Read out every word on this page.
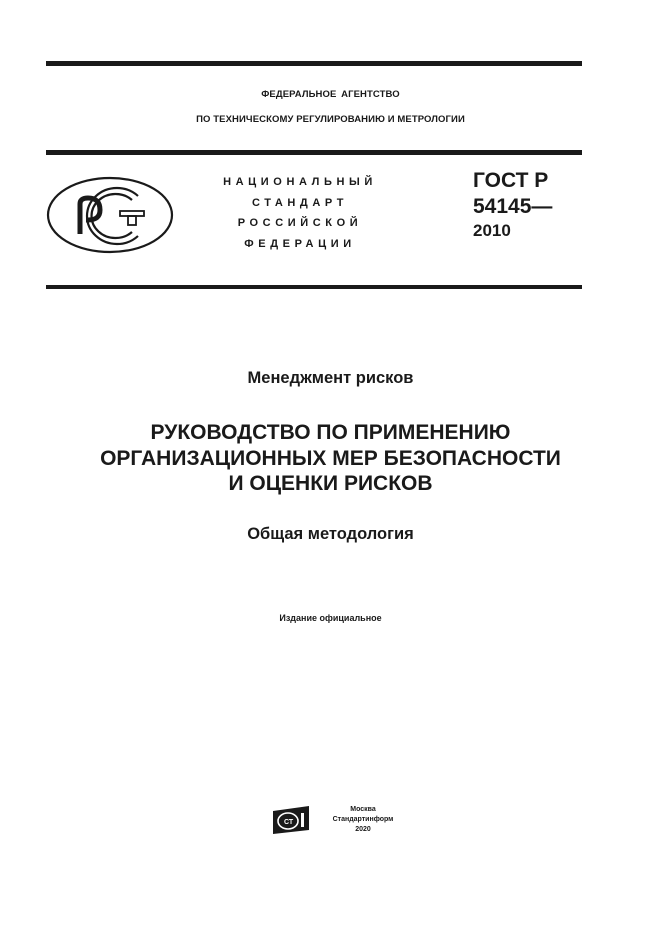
ФЕДЕРАЛЬНОЕ АГЕНТСТВО
ПО ТЕХНИЧЕСКОМУ РЕГУЛИРОВАНИЮ И МЕТРОЛОГИИ
НАЦИОНАЛЬНЫЙ
СТАНДАРТ
РОССИЙСКОЙ
ФЕДЕРАЦИИ
ГОСТ Р
54145—
2010
Менеджмент рисков
РУКОВОДСТВО ПО ПРИМЕНЕНИЮ
ОРГАНИЗАЦИОННЫХ МЕР БЕЗОПАСНОСТИ
И ОЦЕНКИ РИСКОВ
Общая методология
Издание официальное
СТ
Москва
Стандартинформ
2020
